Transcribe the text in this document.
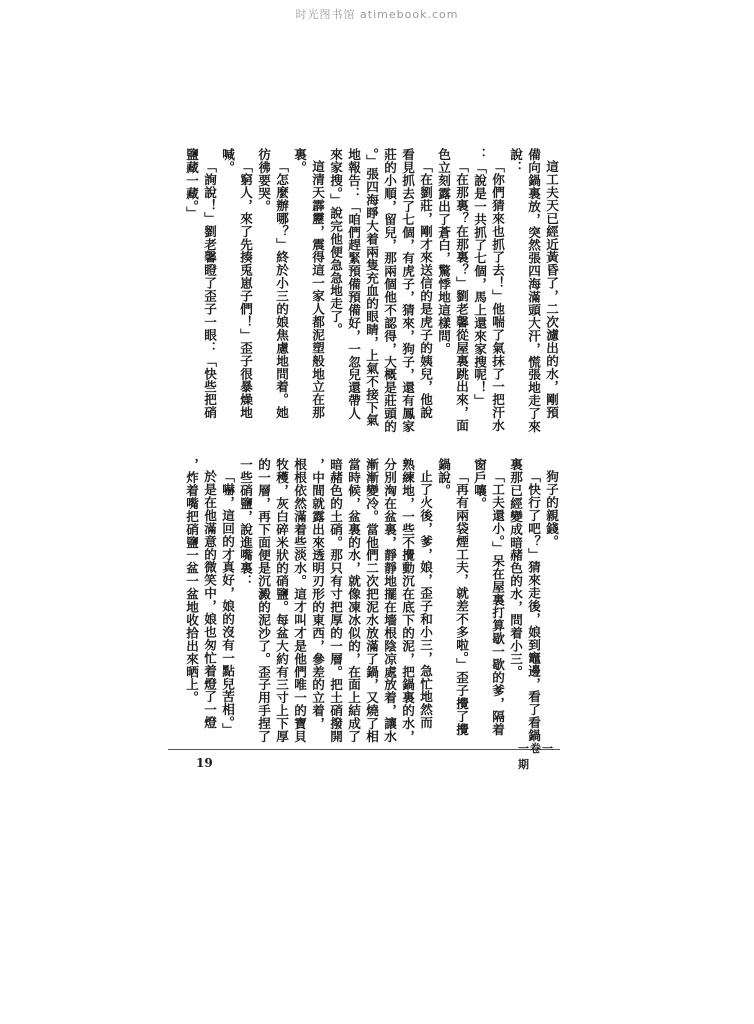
时光图书馆 atimebook.com
這工夫天已經近黃昏了，二次濾出的水，剛預
備向鍋裏放，突然張四海滿頭大汗，慌張地走了來
說：
「你們猜來也抓了去！」他喘了氣抹了一把汗水
：「說是一共抓了七個，馬上還來家搜呢！」
「在那裏？在那裏？」劉老馨從屋裏跳出來，面
色立刻露出了蒼白，驚悸地這樣問。
「在劉莊，剛才來送信的是虎子的姨兒，他說
看見抓去了七個，有虎子，猜來，狗子，還有鳳家
莊的小順，留兒，那兩個他不認得，大概是莊頭的
。」張四海睜大着兩隻充血的眼睛，上氣不接下氣
地報告：「咱們趕緊預備預備好，一忽兒還帶人
來家搜。」說完他便急急地走了。
這清天霹靂，震得這一家人都泥塑般地立在那
裏。
「怎麼辦哪？」終於小三的娘焦慮地問着。她
彷彿要哭。
「窮人，來了先揍兎崽子們！」歪子很暴燥地
喊。
「詢說！」劉老馨瞪了歪子一眼：「快些把硝
鹽藏一藏。」
狗子的親錢。
「快行了吧？」猜來走後，娘到竈邊，看了看鍋
裏那已經變成暗赭色的水，問着小三。
「工夫還小。」呆在屋裏打算歇一歇的爹，隔着
窗戶嚷。
「再有兩袋煙工夫，就差不多啦。」歪子攪了攪
鍋說。
止了火後，爹，娘，歪子和小三，急忙地然而
熟練地，一些不攪動沉在底下的泥，把鍋裏的水，
分別洶在盆裏，靜靜地擺在墻根陰凉處放着，讓水
漸漸變冷。當他們二次把泥水放滿了鍋，又燒了相
當時候，盆裏的水，就像凍冰似的，在面上結成了
暗赭色的土硝。那只有寸把厚的一層。把土硝撥開
，中間就露出來透明刃形的東西，參差的立着，
根根依然滿着些淡水。這才叫才是他們唯一的寶貝
牧穫，灰白碎米狀的硝鹽。每盆大約有三寸上下厚
的一層，再下面便是沉澱的泥沙了。歪子用手捏了
一些硝鹽，說進嘴裏：
「嚇，這回的才真好，娘的沒有一點兒苦相。」
於是在他滿意的微笑中，娘也匆忙着燈了一燈
，炸着嘴把硝鹽一盆一盆地收拾出來晒上。
19
一卷一期
